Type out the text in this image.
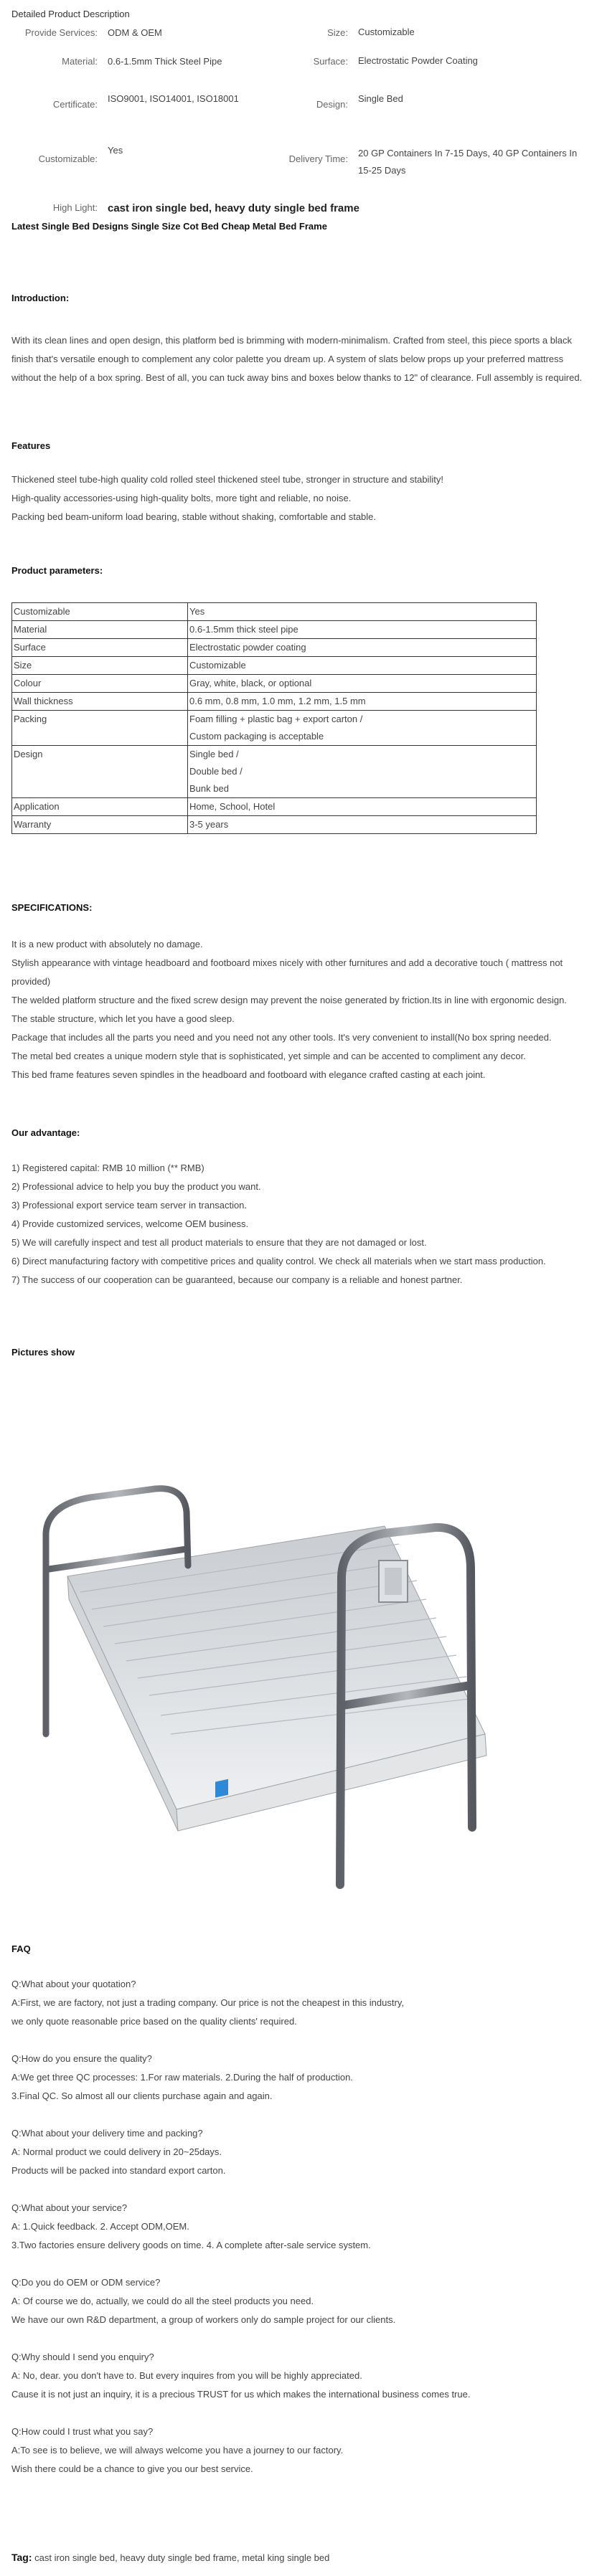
Detailed Product Description
Provide Services:	ODM & OEM	Size:	Customizable
Material:	0.6-1.5mm Thick Steel Pipe	Surface:	Electrostatic Powder Coating
Certificate:	ISO9001, ISO14001, ISO18001	Design:	Single Bed
Customizable:	Yes	Delivery Time:	20 GP Containers In 7-15 Days, 40 GP Containers In 15-25 Days
High Light:	cast iron single bed, heavy duty single bed frame		
Latest Single Bed Designs Single Size Cot Bed Cheap Metal Bed Frame
Introduction:
With its clean lines and open design, this platform bed is brimming with modern-minimalism. Crafted from steel, this piece sports a black finish that's versatile enough to complement any color palette you dream up. A system of slats below props up your preferred mattress without the help of a box spring. Best of all, you can tuck away bins and boxes below thanks to 12" of clearance. Full assembly is required.
Features
Thickened steel tube-high quality cold rolled steel thickened steel tube, stronger in structure and stability!
High-quality accessories-using high-quality bolts, more tight and reliable, no noise.
Packing bed beam-uniform load bearing, stable without shaking, comfortable and stable.
Product parameters:
Customizable	Yes

Material	0.6-1.5mm thick steel pipe

Surface	Electrostatic powder coating

Size	Customizable

Colour	Gray, white, black, or optional

Wall thickness	0.6 mm, 0.8 mm, 1.0 mm, 1.2 mm, 1.5 mm

Packing	Foam filling + plastic bag + export carton /
Custom packaging is acceptable

Design	Single bed /
Double bed /
Bunk bed

Application	Home, School, Hotel

Warranty	3-5 years
SPECIFICATIONS:
It is a new product with absolutely no damage.
Stylish appearance with vintage headboard and footboard mixes nicely with other furnitures and add a decorative touch ( mattress not provided)
The welded platform structure and the fixed screw design may prevent the noise generated by friction.Its in line with ergonomic design.
The stable structure, which let you have a good sleep.
Package that includes all the parts you need and you need not any other tools. It's very convenient to install(No box spring needed.
The metal bed creates a unique modern style that is sophisticated, yet simple and can be accented to compliment any decor.
This bed frame features seven spindles in the headboard and footboard with elegance crafted casting at each joint.
Our advantage:
1) Registered capital: RMB 10 million (** RMB)
2) Professional advice to help you buy the product you want.
3) Professional export service team server in transaction.
4) Provide customized services, welcome OEM business.
5) We will carefully inspect and test all product materials to ensure that they are not damaged or lost.
6) Direct manufacturing factory with competitive prices and quality control. We check all materials when we start mass production.
7) The success of our cooperation can be guaranteed, because our company is a reliable and honest partner.
Pictures show
FAQ
Q:What about your quotation?
A:First, we are factory, not just a trading company. Our price is not the cheapest in this industry,
we only quote reasonable price based on the quality clients' required.
Q:How do you ensure the quality?
A:We get three QC processes: 1.For raw materials. 2.During the half of production.
3.Final QC. So almost all our clients purchase again and again.
Q:What about your delivery time and packing?
A: Normal product we could delivery in 20~25days.
Products will be packed into standard export carton.
Q:What about your service?
A: 1.Quick feedback. 2. Accept ODM,OEM.
3.Two factories ensure delivery goods on time. 4. A complete after-sale service system.
Q:Do you do OEM or ODM service?
A: Of course we do, actually, we could do all the steel products you need.
We have our own R&D department, a group of workers only do sample project for our clients.
Q:Why should I send you enquiry?
A: No, dear. you don't have to. But every inquires from you will be highly appreciated.
Cause it is not just an inquiry, it is a precious TRUST for us which makes the international business comes true.
Q:How could I trust what you say?
A:To see is to believe, we will always welcome you have a journey to our factory.
Wish there could be a chance to give you our best service.
Tag: cast iron single bed, heavy duty single bed frame, metal king single bed
